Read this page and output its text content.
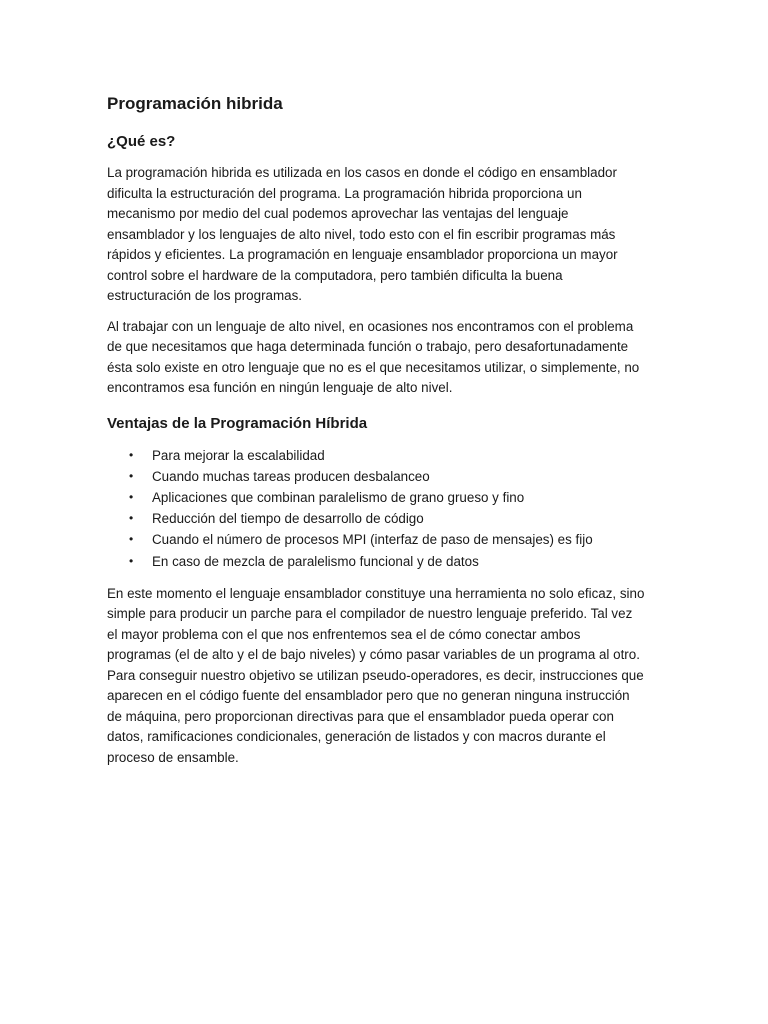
Programación hibrida
¿Qué es?

La programación hibrida es utilizada en los casos en donde el código en ensamblador
dificulta la estructuración del programa. La programación hibrida proporciona un
mecanismo por medio del cual podemos aprovechar las ventajas del lenguaje
ensamblador y los lenguajes de alto nivel, todo esto con el fin escribir programas más
rápidos y eficientes. La programación en lenguaje ensamblador proporciona un mayor
control sobre el hardware de la computadora, pero también dificulta la buena
estructuración de los programas.

Al trabajar con un lenguaje de alto nivel, en ocasiones nos encontramos con el problema
de que necesitamos que haga determinada función o trabajo, pero desafortunadamente
ésta solo existe en otro lenguaje que no es el que necesitamos utilizar, o simplemente, no
encontramos esa función en ningún lenguaje de alto nivel.

Ventajas de la Programación Híbrida
• Para mejorar la escalabilidad
• Cuando muchas tareas producen desbalanceo
• Aplicaciones que combinan paralelismo de grano grueso y fino
• Reducción del tiempo de desarrollo de código
• Cuando el número de procesos MPI (interfaz de paso de mensajes) es fijo
• En caso de mezcla de paralelismo funcional y de datos

En este momento el lenguaje ensamblador constituye una herramienta no solo eficaz, sino
simple para producir un parche para el compilador de nuestro lenguaje preferido. Tal vez
el mayor problema con el que nos enfrentemos sea el de cómo conectar ambos
programas (el de alto y el de bajo niveles) y cómo pasar variables de un programa al otro.
Para conseguir nuestro objetivo se utilizan pseudo-operadores, es decir, instrucciones que
aparecen en el código fuente del ensamblador pero que no generan ninguna instrucción
de máquina, pero proporcionan directivas para que el ensamblador pueda operar con
datos, ramificaciones condicionales, generación de listados y con macros durante el
proceso de ensamble.
